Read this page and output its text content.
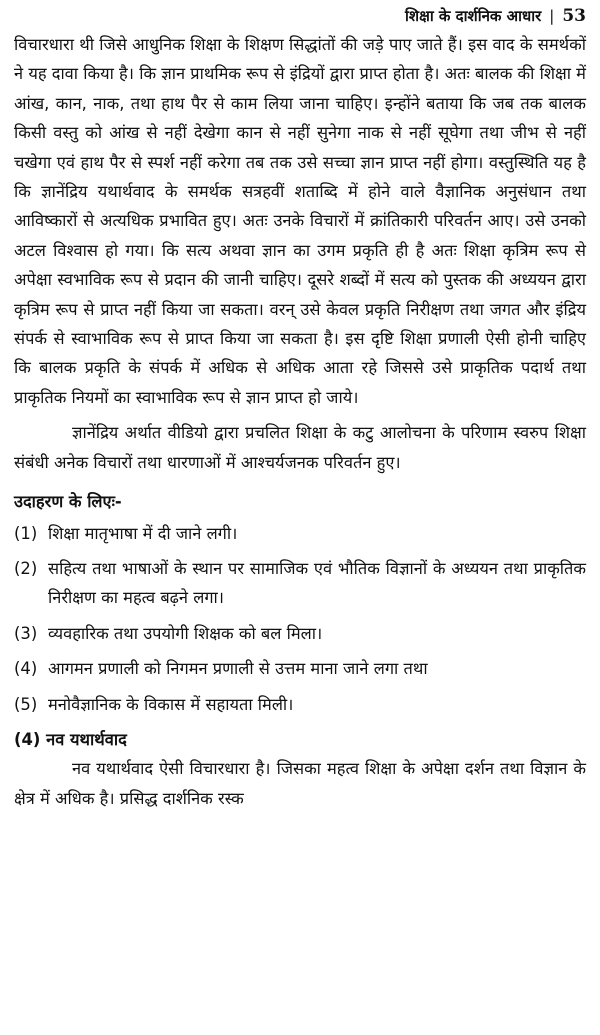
शिक्षा के दार्शनिक आधार | 53

विचारधारा थी जिसे आधुनिक शिक्षा के शिक्षण सिद्धांतों की जड़े पाए जाते हैं। इस वाद के समर्थकों ने यह दावा किया है। कि ज्ञान प्राथमिक रूप से इंद्रियों द्वारा प्राप्त होता है। अतः बालक की शिक्षा में आंख, कान, नाक, तथा हाथ पैर से काम लिया जाना चाहिए। इन्होंने बताया कि जब तक बालक किसी वस्तु को आंख से नहीं देखेगा कान से नहीं सुनेगा नाक से नहीं सूघेगा तथा जीभ से नहीं चखेगा एवं हाथ पैर से स्पर्श नहीं करेगा तब तक उसे सच्चा ज्ञान प्राप्त नहीं होगा। वस्तुस्थिति यह है कि ज्ञानेंद्रिय यथार्थवाद के समर्थक सत्रहवीं शताब्दि में होने वाले वैज्ञानिक अनुसंधान तथा आविष्कारों से अत्यधिक प्रभावित हुए। अतः उनके विचारों में क्रांतिकारी परिवर्तन आए। उसे उनको अटल विश्वास हो गया। कि सत्य अथवा ज्ञान का उगम प्रकृति ही है अतः शिक्षा कृत्रिम रूप से अपेक्षा स्वभाविक रूप से प्रदान की जानी चाहिए। दूसरे शब्दों में सत्य को पुस्तक की अध्ययन द्वारा कृत्रिम रूप से प्राप्त नहीं किया जा सकता। वरन् उसे केवल प्रकृति निरीक्षण तथा जगत और इंद्रिय संपर्क से स्वाभाविक रूप से प्राप्त किया जा सकता है। इस दृष्टि शिक्षा प्रणाली ऐसी होनी चाहिए कि बालक प्रकृति के संपर्क में अधिक से अधिक आता रहे जिससे उसे प्राकृतिक पदार्थ तथा प्राकृतिक नियमों का स्वाभाविक रूप से ज्ञान प्राप्त हो जाये।

ज्ञानेंद्रिय अर्थात वीडियो द्वारा प्रचलित शिक्षा के कटु आलोचना के परिणाम स्वरुप शिक्षा संबंधी अनेक विचारों तथा धारणाओं में आश्चर्यजनक परिवर्तन हुए।

उदाहरण के लिएः-
(1) शिक्षा मातृभाषा में दी जाने लगी।
(2) सहित्य तथा भाषाओं के स्थान पर सामाजिक एवं भौतिक विज्ञानों के अध्ययन तथा प्राकृतिक निरीक्षण का महत्व बढ़ने लगा।
(3) व्यवहारिक तथा उपयोगी शिक्षक को बल मिला।
(4) आगमन प्रणाली को निगमन प्रणाली से उत्तम माना जाने लगा तथा
(5) मनोवैज्ञानिक के विकास में सहायता मिली।
(4) नव यथार्थवाद

नव यथार्थवाद ऐसी विचारधारा है। जिसका महत्व शिक्षा के अपेक्षा दर्शन तथा विज्ञान के क्षेत्र में अधिक है। प्रसिद्ध दार्शनिक रस्क
